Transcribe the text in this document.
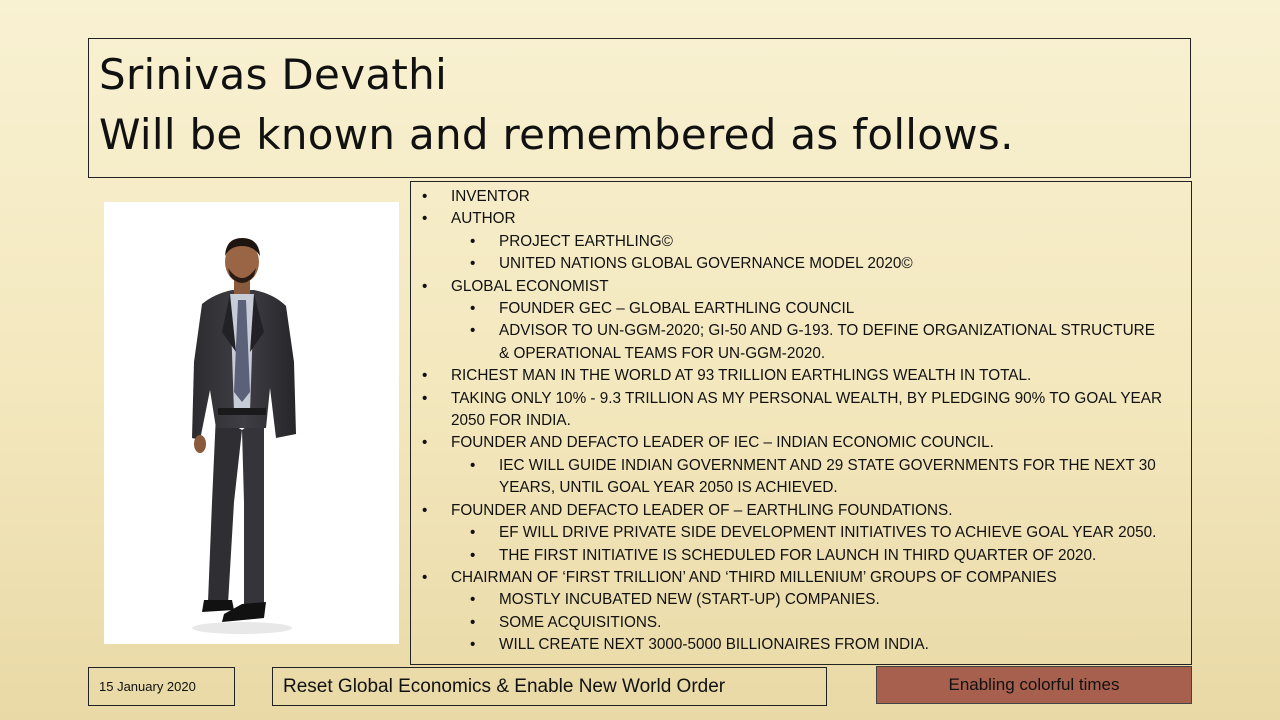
Srinivas Devathi
Will be known and remembered as follows.
• INVENTOR
• AUTHOR
• PROJECT EARTHLING©
• UNITED NATIONS GLOBAL GOVERNANCE MODEL 2020©
• GLOBAL ECONOMIST
• FOUNDER GEC – GLOBAL EARTHLING COUNCIL
• ADVISOR TO UN-GGM-2020; GI-50 AND G-193. TO DEFINE ORGANIZATIONAL STRUCTURE
& OPERATIONAL TEAMS FOR UN-GGM-2020.
• RICHEST MAN IN THE WORLD AT 93 TRILLION EARTHLINGS WEALTH IN TOTAL.
• TAKING ONLY 10% - 9.3 TRILLION AS MY PERSONAL WEALTH, BY PLEDGING 90% TO GOAL YEAR
2050 FOR INDIA.
• FOUNDER AND DEFACTO LEADER OF IEC – INDIAN ECONOMIC COUNCIL.
• IEC WILL GUIDE INDIAN GOVERNMENT AND 29 STATE GOVERNMENTS FOR THE NEXT 30
YEARS, UNTIL GOAL YEAR 2050 IS ACHIEVED.
• FOUNDER AND DEFACTO LEADER OF – EARTHLING FOUNDATIONS.
• EF WILL DRIVE PRIVATE SIDE DEVELOPMENT INITIATIVES TO ACHIEVE GOAL YEAR 2050.
• THE FIRST INITIATIVE IS SCHEDULED FOR LAUNCH IN THIRD QUARTER OF 2020.
• CHAIRMAN OF ‘FIRST TRILLION’ AND ‘THIRD MILLENIUM’ GROUPS OF COMPANIES
• MOSTLY INCUBATED NEW (START-UP) COMPANIES.
• SOME ACQUISITIONS.
• WILL CREATE NEXT 3000-5000 BILLIONAIRES FROM INDIA.
15 January 2020	Reset Global Economics & Enable New World Order	Enabling colorful times
